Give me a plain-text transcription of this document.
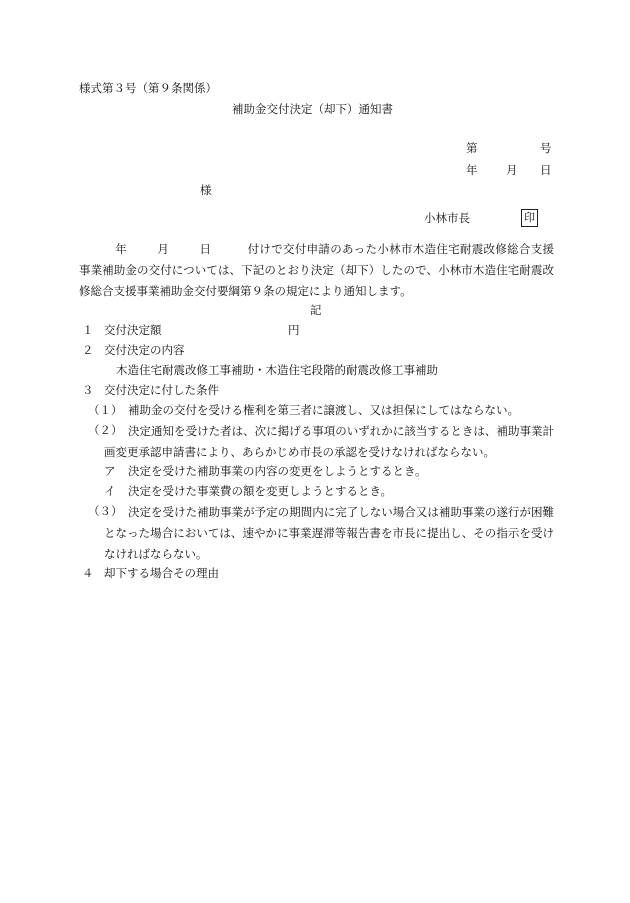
様式第３号（第９条関係）
補助金交付決定（却下）通知書
第	号
年 月 日
様
小林市長	印
年	月	日	付けで交付申請のあった小林市木造住宅耐震改修総合支援事業補助金の交付については、下記のとおり決定（却下）したので、小林市木造住宅耐震改修総合支援事業補助金交付要綱第９条の規定により通知します。
記
１ 交付決定額	円
２ 交付決定の内容
木造住宅耐震改修工事補助・木造住宅段階的耐震改修工事補助
３ 交付決定に付した条件
（１） 補助金の交付を受ける権利を第三者に譲渡し、又は担保にしてはならない。
（２） 決定通知を受けた者は、次に掲げる事項のいずれかに該当するときは、補助事業計画変更承認申請書により、あらかじめ市長の承認を受けなければならない。
ア 決定を受けた補助事業の内容の変更をしようとするとき。
イ 決定を受けた事業費の額を変更しようとするとき。
（３） 決定を受けた補助事業が予定の期間内に完了しない場合又は補助事業の遂行が困難となった場合においては、速やかに事業遅滞等報告書を市長に提出し、その指示を受けなければならない。
４ 却下する場合その理由
